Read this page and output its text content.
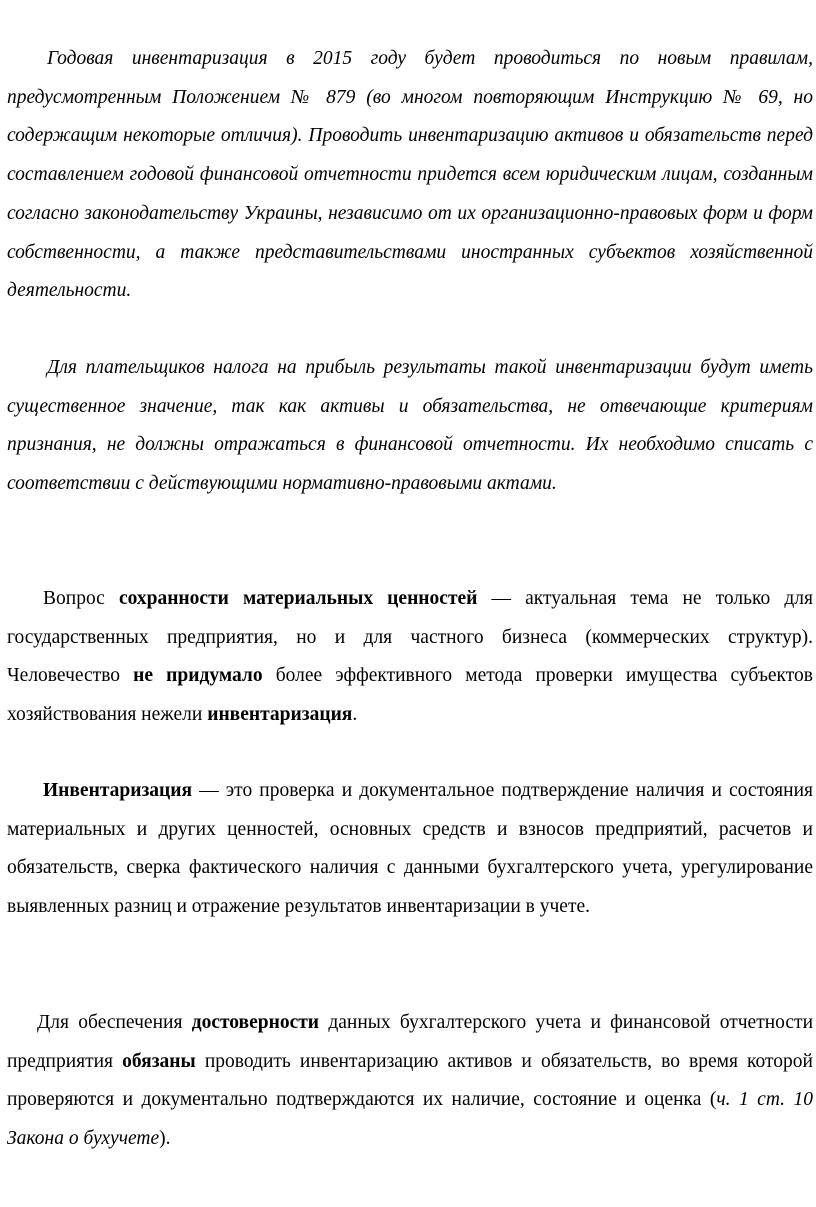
Годовая инвентаризация в 2015 году будет проводиться по новым правилам, предусмотренным Положением № 879 (во многом повторяющим Инструкцию № 69, но содержащим некоторые отличия). Проводить инвентаризацию активов и обязательств перед составлением годовой финансовой отчетности придется всем юридическим лицам, созданным согласно законодательству Украины, независимо от их организационно-правовых форм и форм собственности, а также представительствами иностранных субъектов хозяйственной деятельности.

Для плательщиков налога на прибыль результаты такой инвентаризации будут иметь существенное значение, так как активы и обязательства, не отвечающие критериям признания, не должны отражаться в финансовой отчетности. Их необходимо списать с соответствии с действующими нормативно-правовыми актами.

Вопрос сохранности материальных ценностей — актуальная тема не только для государственных предприятия, но и для частного бизнеса (коммерческих структур). Человечество не придумало более эффективного метода проверки имущества субъектов хозяйствования нежели инвентаризация.

Инвентаризация — это проверка и документальное подтверждение наличия и состояния материальных и других ценностей, основных средств и взносов предприятий, расчетов и обязательств, сверка фактического наличия с данными бухгалтерского учета, урегулирование выявленных разниц и отражение результатов инвентаризации в учете.

Для обеспечения достоверности данных бухгалтерского учета и финансовой отчетности предприятия обязаны проводить инвентаризацию активов и обязательств, во время которой проверяются и документально подтверждаются их наличие, состояние и оценка (ч. 1 ст. 10 Закона о бухучете).
